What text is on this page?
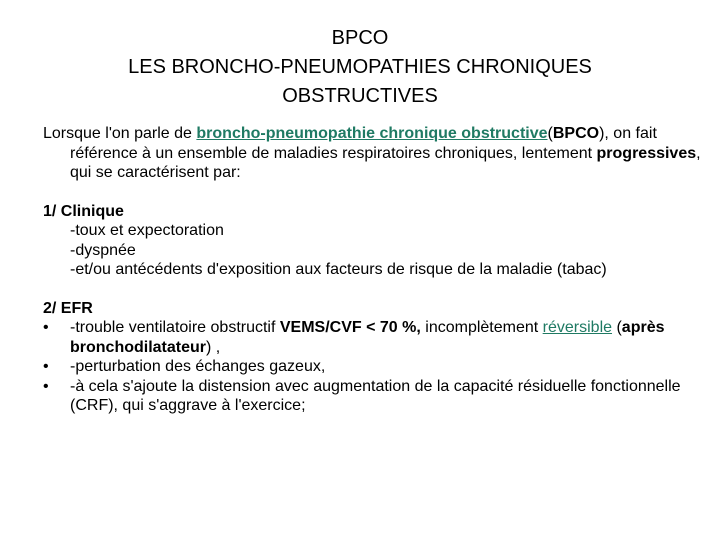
BPCO
LES BRONCHO-PNEUMOPATHIES CHRONIQUES
OBSTRUCTIVES

Lorsque l'on parle de broncho-pneumopathie chronique obstructive(BPCO), on fait référence à un ensemble de maladies respiratoires chroniques, lentement progressives, qui se caractérisent par:

1/ Clinique
-toux et expectoration
-dyspnée
-et/ou antécédents d'exposition aux facteurs de risque de la maladie (tabac)
2/ EFR
•	-trouble ventilatoire obstructif VEMS/CVF < 70 %, incomplètement réversible (après bronchodilatateur) ,
•	-perturbation des échanges gazeux,
•	-à cela s'ajoute la distension avec augmentation de la capacité résiduelle fonctionnelle (CRF), qui s'aggrave à l'exercice;
